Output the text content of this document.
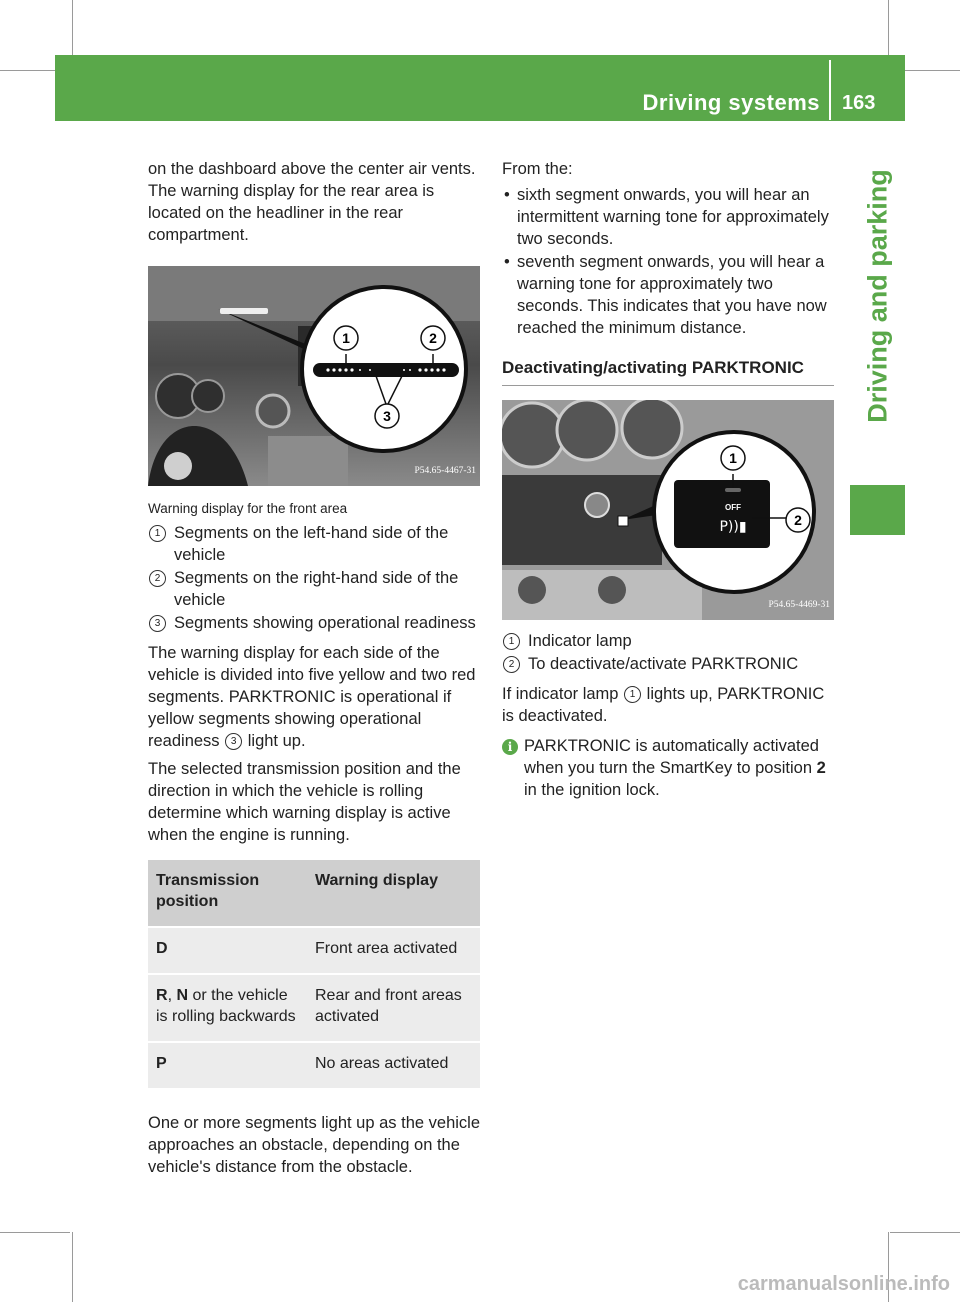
Driving systems 163
Driving and parking

on the dashboard above the center air vents. The warning display for the rear area is located on the headliner in the rear compartment.

1	2
3
P54.65-4467-31
Warning display for the front area
1 Segments on the left-hand side of the vehicle
2 Segments on the right-hand side of the vehicle
3 Segments showing operational readiness

The warning display for each side of the vehicle is divided into five yellow and two red segments. PARKTRONIC is operational if yellow segments showing operational readiness 3 light up.

The selected transmission position and the direction in which the vehicle is rolling determine which warning display is active when the engine is running.

Transmission position	Warning display
D	Front area activated
R, N or the vehicle is rolling backwards	Rear and front areas activated
P	No areas activated

One or more segments light up as the vehicle approaches an obstacle, depending on the vehicle's distance from the obstacle.

From the:

• sixth segment onwards, you will hear an intermittent warning tone for approximately two seconds.
• seventh segment onwards, you will hear a warning tone for approximately two seconds. This indicates that you have now reached the minimum distance.
Deactivating/activating PARKTRONIC
OFF
P))▮
1
2
P54.65-4469-31
1 Indicator lamp
2 To deactivate/activate PARKTRONIC

If indicator lamp 1 lights up, PARKTRONIC is deactivated.

i PARKTRONIC is automatically activated when you turn the SmartKey to position 2 in the ignition lock.
carmanualsonline.info
